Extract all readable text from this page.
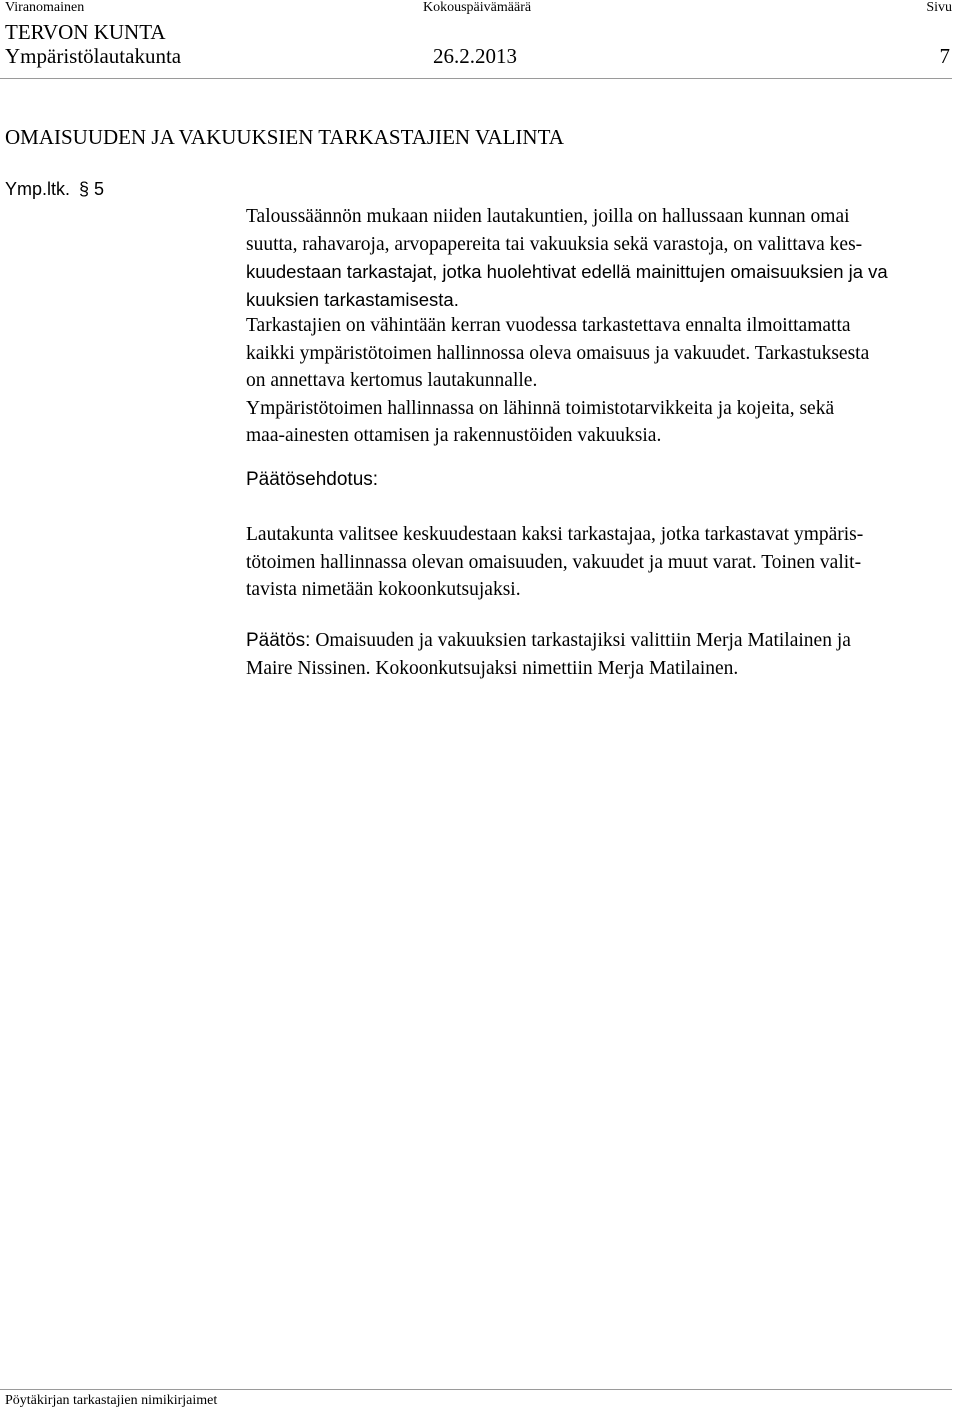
Viranomainen	Kokouspäivämäärä	Sivu
TERVON KUNTA
Ympäristölautakunta	26.2.2013	7
OMAISUUDEN JA VAKUUKSIEN TARKASTAJIEN VALINTA
Ymp.ltk. § 5
Taloussäännön mukaan niiden lautakuntien, joilla on hallussaan kunnan omai
suutta, rahavaroja, arvopapereita tai vakuuksia sekä varastoja, on valittava kes-
kuudestaan tarkastajat, jotka huolehtivat edellä mainittujen omaisuuksien ja va
kuuksien tarkastamisesta.
Tarkastajien on vähintään kerran vuodessa tarkastettava ennalta ilmoittamatta
kaikki ympäristötoimen hallinnossa oleva omaisuus ja vakuudet. Tarkastuksesta
on annettava kertomus lautakunnalle.
Ympäristötoimen hallinnassa on lähinnä toimistotarvikkeita ja kojeita, sekä
maa-ainesten ottamisen ja rakennustöiden vakuuksia.
Päätösehdotus:
Lautakunta valitsee keskuudestaan kaksi tarkastajaa, jotka tarkastavat ympäris-
tötoimen hallinnassa olevan omaisuuden, vakuudet ja muut varat. Toinen valit-
tavista nimetään kokoonkutsujaksi.
Päätös: Omaisuuden ja vakuuksien tarkastajiksi valittiin Merja Matilainen ja
Maire Nissinen. Kokoonkutsujaksi nimettiin Merja Matilainen.
Pöytäkirjan tarkastajien nimikirjaimet
